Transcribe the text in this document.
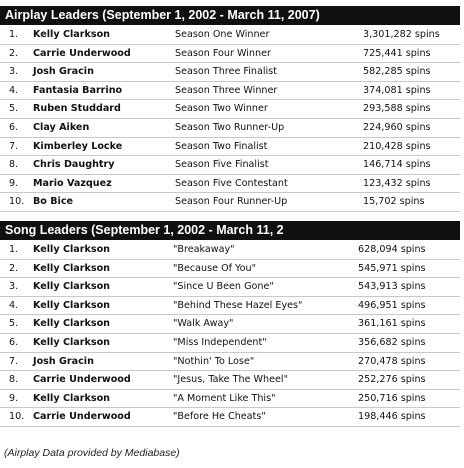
Airplay Leaders (September 1, 2002 - March 11, 2007)
1.	Kelly Clarkson	Season One Winner	3,301,282 spins
2.	Carrie Underwood	Season Four Winner	725,441 spins
3.	Josh Gracin	Season Three Finalist	582,285 spins
4.	Fantasia Barrino	Season Three Winner	374,081 spins
5.	Ruben Studdard	Season Two Winner	293,588 spins
6.	Clay Aiken	Season Two Runner-Up	224,960 spins
7.	Kimberley Locke	Season Two Finalist	210,428 spins
8.	Chris Daughtry	Season Five Finalist	146,714 spins
9.	Mario Vazquez	Season Five Contestant	123,432 spins
10. Bo Bice	Season Four Runner-Up	15,702 spins
Song Leaders (September 1, 2002 - March 11, 2
1.	Kelly Clarkson	"Breakaway"	628,094 spins
2.	Kelly Clarkson	"Because Of You"	545,971 spins
3.	Kelly Clarkson	"Since U Been Gone"	543,913 spins
4.	Kelly Clarkson	"Behind These Hazel Eyes"	496,951 spins
5.	Kelly Clarkson	"Walk Away"	361,161 spins
6.	Kelly Clarkson	"Miss Independent"	356,682 spins
7.	Josh Gracin	"Nothin' To Lose"	270,478 spins
8.	Carrie Underwood	"Jesus, Take The Wheel"	252,276 spins
9.	Kelly Clarkson	"A Moment Like This"	250,716 spins
10. Carrie Underwood	"Before He Cheats"	198,446 spins
(Airplay Data provided by Mediabase)
